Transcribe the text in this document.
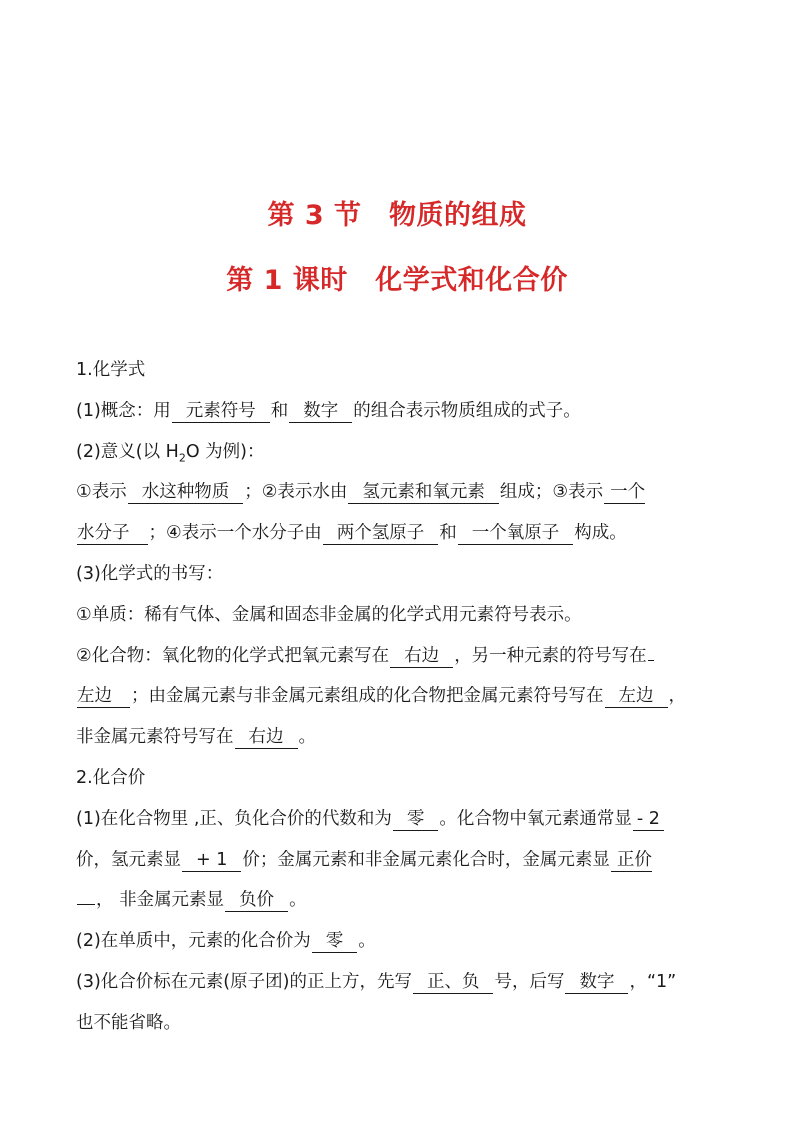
第 3 节　物质的组成
第 1 课时　化学式和化合价
1.化学式
(1)概念：用 元素符号 和 数字 的组合表示物质组成的式子。
(2)意义(以 $H_2O$ 为例)：
①表示 水这种物质 ；②表示水由 氢元素和氧元素 组成；③表示 一个
水分子 ；④表示一个水分子由 两个氢原子 和 一个氧原子 构成。
(3)化学式的书写：
①单质：稀有气体、金属和固态非金属的化学式用元素符号表示。
②化合物：氧化物的化学式把氧元素写在 右边 ，另一种元素的符号写在
左边 ；由金属元素与非金属元素组成的化合物把金属元素符号写在 左边 ，
非金属元素符号写在 右边 。
2.化合价
(1)在化合物里 ,正、负化合价的代数和为 零 。化合物中氧元素通常显 - 2
价，氢元素显 + 1 价；金属元素和非金属元素化合时，金属元素显 正价
， 非金属元素显 负价 。
(2)在单质中，元素的化合价为 零 。
(3)化合价标在元素(原子团)的正上方，先写 正、负 号，后写 数字 ，“1”
也不能省略。
